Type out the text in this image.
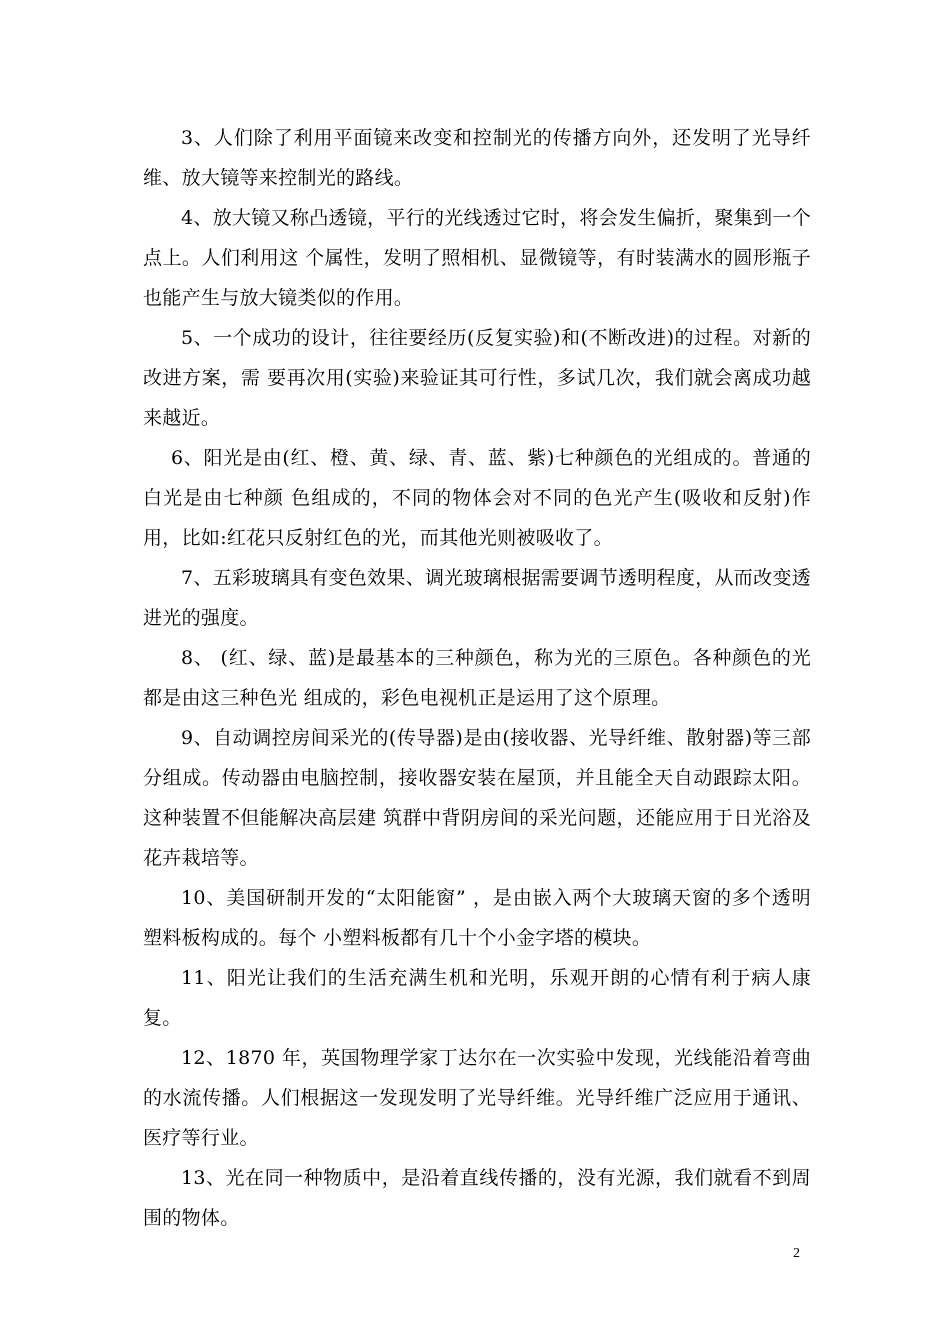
3、人们除了利用平面镜来改变和控制光的传播方向外，还发明了光导纤维、放大镜等来控制光的路线。

4、放大镜又称凸透镜，平行的光线透过它时，将会发生偏折，聚集到一个点上。人们利用这 个属性，发明了照相机、显微镜等，有时装满水的圆形瓶子也能产生与放大镜类似的作用。

5、一个成功的设计，往往要经历(反复实验)和(不断改进)的过程。对新的改进方案，需 要再次用(实验)来验证其可行性，多试几次，我们就会离成功越来越近。

6、阳光是由(红、橙、黄、绿、青、蓝、紫)七种颜色的光组成的。普通的白光是由七种颜 色组成的，不同的物体会对不同的色光产生(吸收和反射)作用，比如:红花只反射红色的光，而其他光则被吸收了。

7、五彩玻璃具有变色效果、调光玻璃根据需要调节透明程度，从而改变透进光的强度。

8、 (红、绿、蓝)是最基本的三种颜色，称为光的三原色。各种颜色的光都是由这三种色光 组成的，彩色电视机正是运用了这个原理。

9、自动调控房间采光的(传导器)是由(接收器、光导纤维、散射器)等三部分组成。传动器由电脑控制，接收器安装在屋顶，并且能全天自动跟踪太阳。这种装置不但能解决高层建 筑群中背阴房间的采光问题，还能应用于日光浴及花卉栽培等。

10、美国研制开发的“太阳能窗” ，是由嵌入两个大玻璃天窗的多个透明塑料板构成的。每个 小塑料板都有几十个小金字塔的模块。

11、阳光让我们的生活充满生机和光明，乐观开朗的心情有利于病人康复。

12、1870 年，英国物理学家丁达尔在一次实验中发现，光线能沿着弯曲的水流传播。人们根据这一发现发明了光导纤维。光导纤维广泛应用于通讯、医疗等行业。

13、光在同一种物质中，是沿着直线传播的，没有光源，我们就看不到周围的物体。

2
